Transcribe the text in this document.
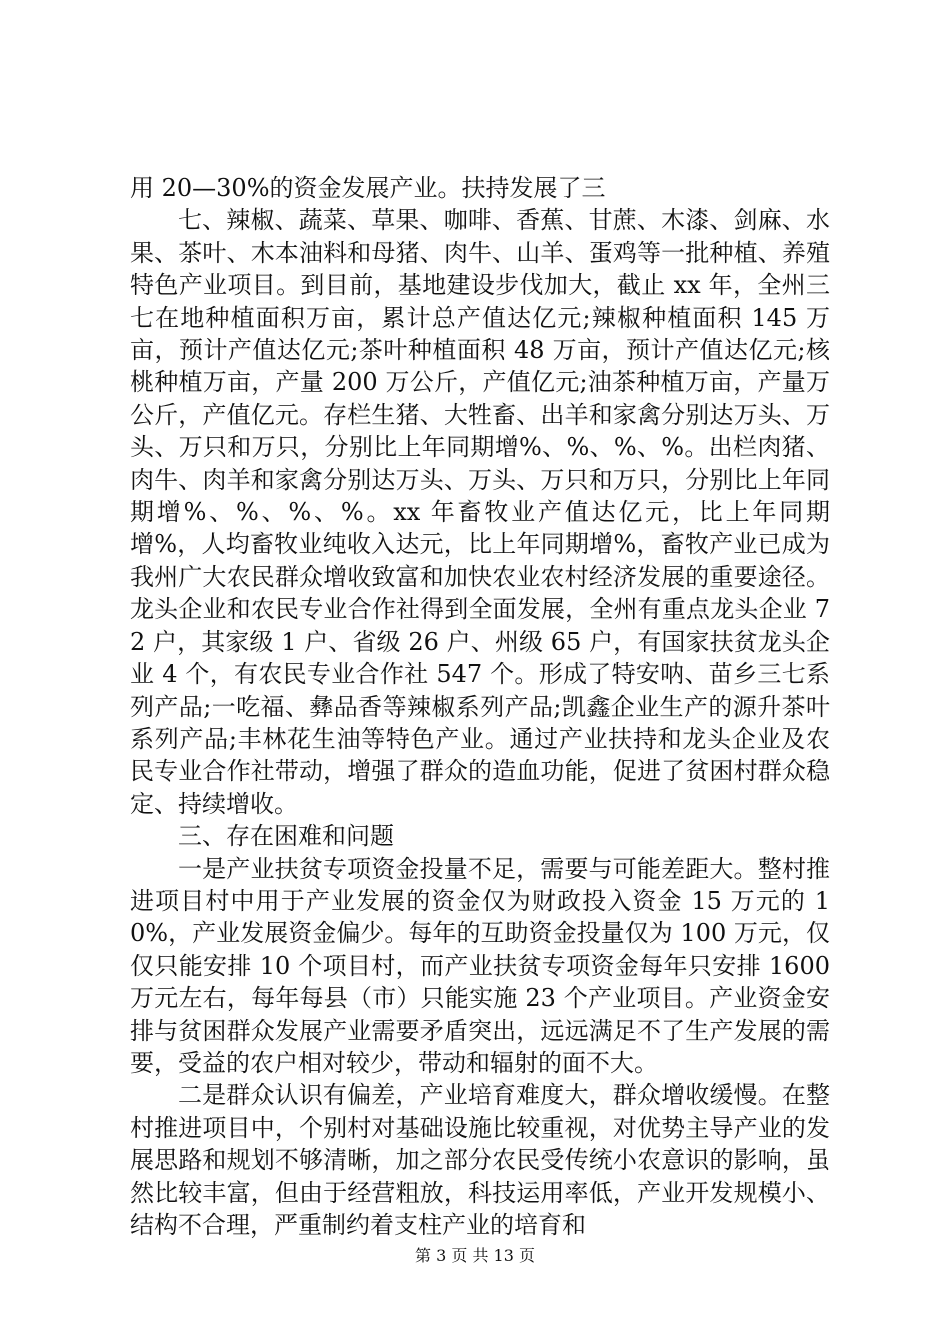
用 20—30%的资金发展产业。扶持发展了三

七、辣椒、蔬菜、草果、咖啡、香蕉、甘蔗、木漆、剑麻、水果、茶叶、木本油料和母猪、肉牛、山羊、蛋鸡等一批种植、养殖特色产业项目。到目前，基地建设步伐加大，截止 xx 年，全州三七在地种植面积万亩，累计总产值达亿元;辣椒种植面积 145 万亩，预计产值达亿元;茶叶种植面积 48 万亩，预计产值达亿元;核桃种植万亩，产量 200 万公斤，产值亿元;油茶种植万亩，产量万公斤，产值亿元。存栏生猪、大牲畜、出羊和家禽分别达万头、万头、万只和万只，分别比上年同期增%、%、%、%。出栏肉猪、肉牛、肉羊和家禽分别达万头、万头、万只和万只，分别比上年同期增%、%、%、%。xx 年畜牧业产值达亿元，比上年同期增%，人均畜牧业纯收入达元，比上年同期增%，畜牧产业已成为我州广大农民群众增收致富和加快农业农村经济发展的重要途径。龙头企业和农民专业合作社得到全面发展，全州有重点龙头企业 72 户，其家级 1 户、省级 26 户、州级 65 户，有国家扶贫龙头企业 4 个，有农民专业合作社 547 个。形成了特安呐、苗乡三七系列产品;一吃福、彝品香等辣椒系列产品;凯鑫企业生产的源升茶叶系列产品;丰林花生油等特色产业。通过产业扶持和龙头企业及农民专业合作社带动，增强了群众的造血功能，促进了贫困村群众稳定、持续增收。

三、存在困难和问题

一是产业扶贫专项资金投量不足，需要与可能差距大。整村推进项目村中用于产业发展的资金仅为财政投入资金 15 万元的 10%，产业发展资金偏少。每年的互助资金投量仅为 100 万元，仅仅只能安排 10 个项目村，而产业扶贫专项资金每年只安排 1600 万元左右，每年每县（市）只能实施 23 个产业项目。产业资金安排与贫困群众发展产业需要矛盾突出，远远满足不了生产发展的需要，受益的农户相对较少，带动和辐射的面不大。

二是群众认识有偏差，产业培育难度大，群众增收缓慢。在整村推进项目中，个别村对基础设施比较重视，对优势主导产业的发展思路和规划不够清晰，加之部分农民受传统小农意识的影响，虽然比较丰富，但由于经营粗放，科技运用率低，产业开发规模小、结构不合理，严重制约着支柱产业的培育和

第 3 页 共 13 页
